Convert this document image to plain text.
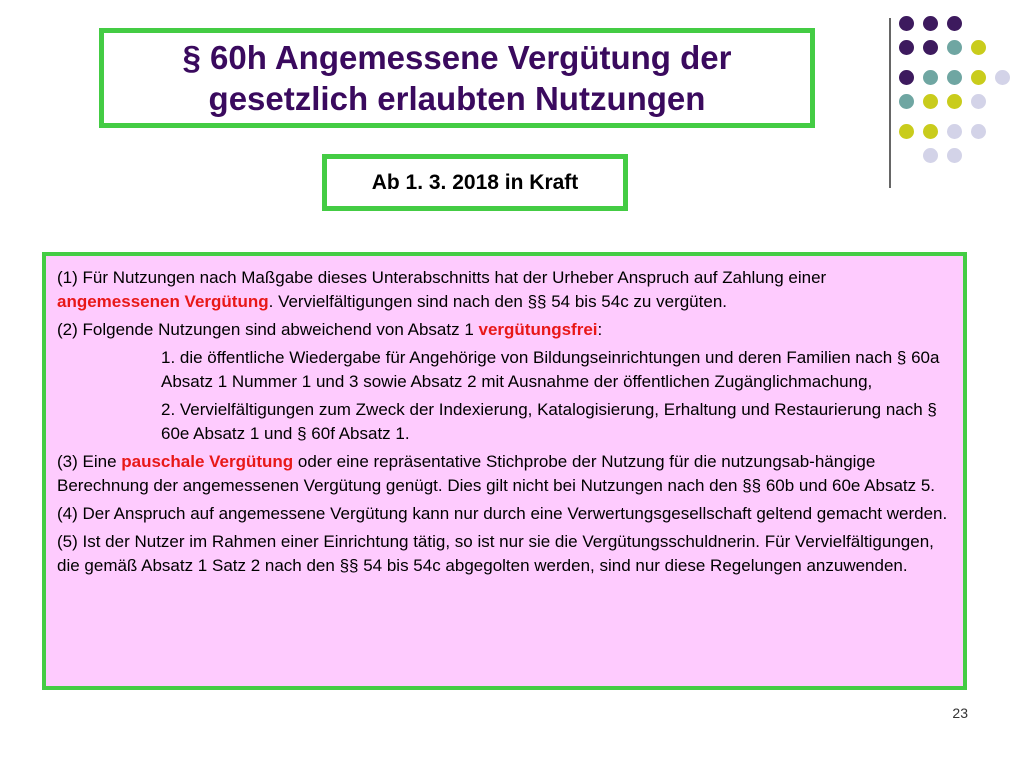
§ 60h Angemessene Vergütung der
gesetzlich erlaubten Nutzungen
Ab 1. 3. 2018 in Kraft

(1) Für Nutzungen nach Maßgabe dieses Unterabschnitts hat der Urheber Anspruch auf Zahlung einer angemessenen Vergütung. Vervielfältigungen sind nach den §§ 54 bis 54c zu vergüten.

(2) Folgende Nutzungen sind abweichend von Absatz 1 vergütungsfrei:

1. die öffentliche Wiedergabe für Angehörige von Bildungseinrichtungen und deren Familien nach § 60a Absatz 1 Nummer 1 und 3 sowie Absatz 2 mit Ausnahme der öffentlichen Zugänglichmachung,

2. Vervielfältigungen zum Zweck der Indexierung, Katalogisierung, Erhaltung und Restaurierung nach § 60e Absatz 1 und § 60f Absatz 1.

(3) Eine pauschale Vergütung oder eine repräsentative Stichprobe der Nutzung für die nutzungsab-hängige Berechnung der angemessenen Vergütung genügt. Dies gilt nicht bei Nutzungen nach den §§ 60b und 60e Absatz 5.

(4) Der Anspruch auf angemessene Vergütung kann nur durch eine Verwertungsgesellschaft geltend gemacht werden.

(5) Ist der Nutzer im Rahmen einer Einrichtung tätig, so ist nur sie die Vergütungsschuldnerin. Für Vervielfältigungen, die gemäß Absatz 1 Satz 2 nach den §§ 54 bis 54c abgegolten werden, sind nur diese Regelungen anzuwenden.

23
